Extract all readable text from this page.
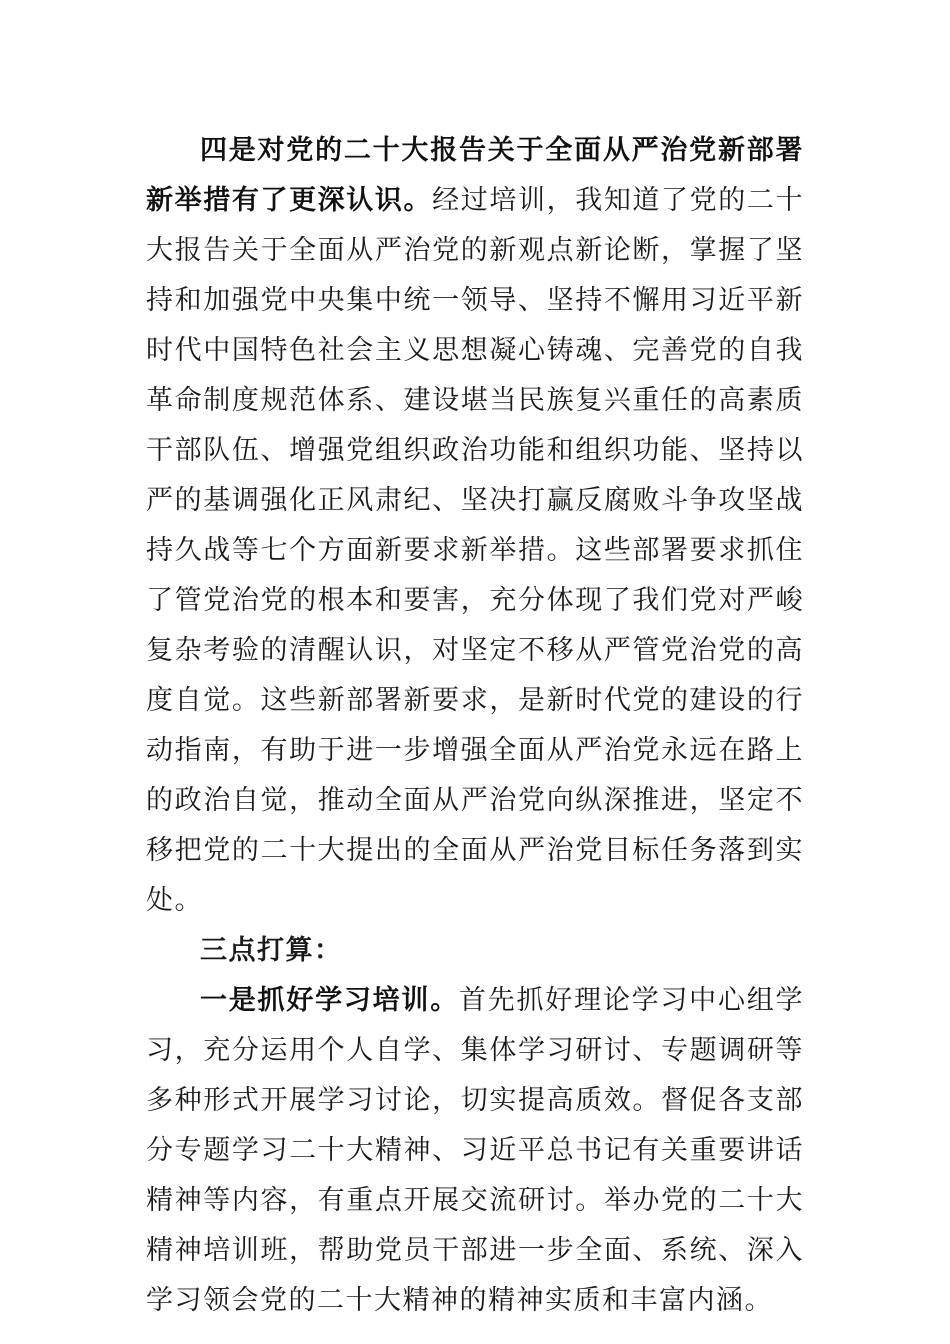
四是对党的二十大报告关于全面从严治党新部署新举措有了更深认识。经过培训，我知道了党的二十大报告关于全面从严治党的新观点新论断，掌握了坚持和加强党中央集中统一领导、坚持不懈用习近平新时代中国特色社会主义思想凝心铸魂、完善党的自我革命制度规范体系、建设堪当民族复兴重任的高素质干部队伍、增强党组织政治功能和组织功能、坚持以严的基调强化正风肃纪、坚决打赢反腐败斗争攻坚战持久战等七个方面新要求新举措。这些部署要求抓住了管党治党的根本和要害，充分体现了我们党对严峻复杂考验的清醒认识，对坚定不移从严管党治党的高度自觉。这些新部署新要求，是新时代党的建设的行动指南，有助于进一步增强全面从严治党永远在路上的政治自觉，推动全面从严治党向纵深推进，坚定不移把党的二十大提出的全面从严治党目标任务落到实处。

三点打算：

一是抓好学习培训。首先抓好理论学习中心组学习，充分运用个人自学、集体学习研讨、专题调研等多种形式开展学习讨论，切实提高质效。督促各支部分专题学习二十大精神、习近平总书记有关重要讲话精神等内容，有重点开展交流研讨。举办党的二十大精神培训班，帮助党员干部进一步全面、系统、深入学习领会党的二十大精神的精神实质和丰富内涵。
